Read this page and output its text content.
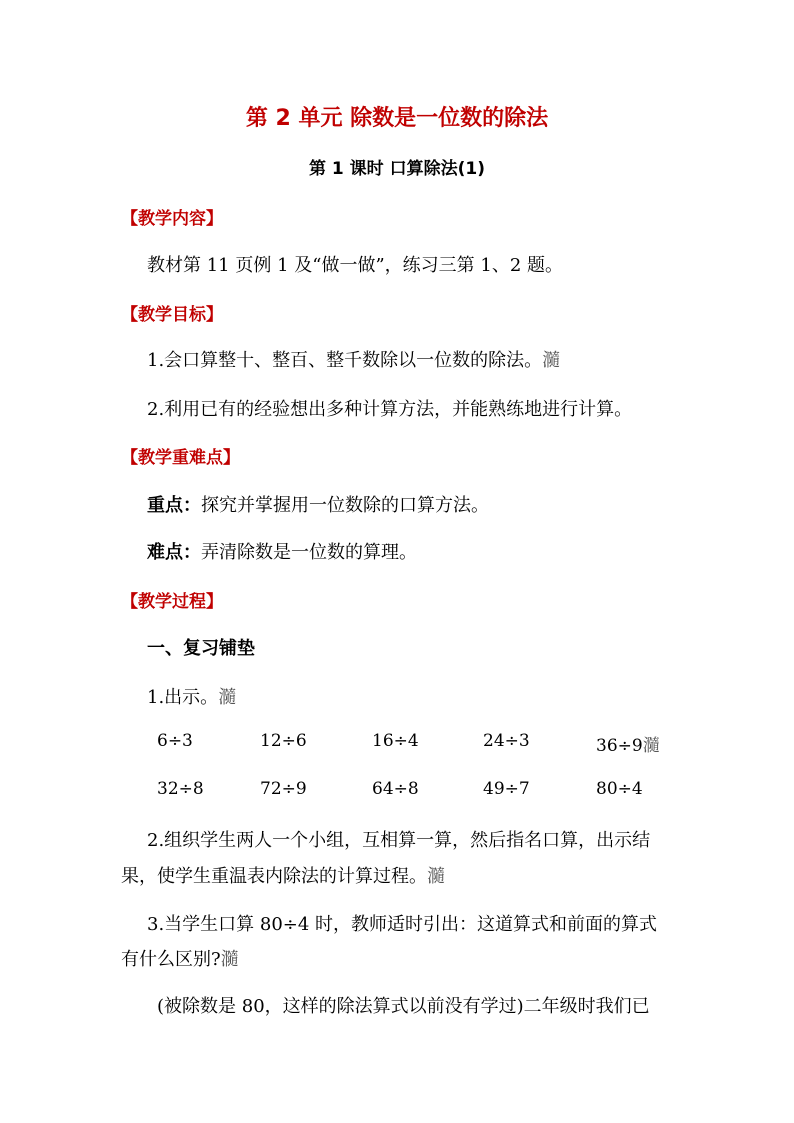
第 2 单元 除数是一位数的除法
第 1 课时 口算除法(1)
【教学内容】
教材第 11 页例 1 及“做一做”，练习三第 1、2 题。
【教学目标】
1.会口算整十、整百、整千数除以一位数的除法。瀡
2.利用已有的经验想出多种计算方法，并能熟练地进行计算。
【教学重难点】
重点：探究并掌握用一位数除的口算方法。
难点：弄清除数是一位数的算理。
【教学过程】
一、复习铺垫
1.出示。瀡
6÷3	12÷6	16÷4	24÷3	36÷9瀡
32÷8	72÷9	64÷8	49÷7	80÷4
2.组织学生两人一个小组，互相算一算，然后指名口算，出示结
果，使学生重温表内除法的计算过程。瀡
3.当学生口算 80÷4 时，教师适时引出：这道算式和前面的算式
有什么区别?瀡
(被除数是 80，这样的除法算式以前没有学过)二年级时我们已
